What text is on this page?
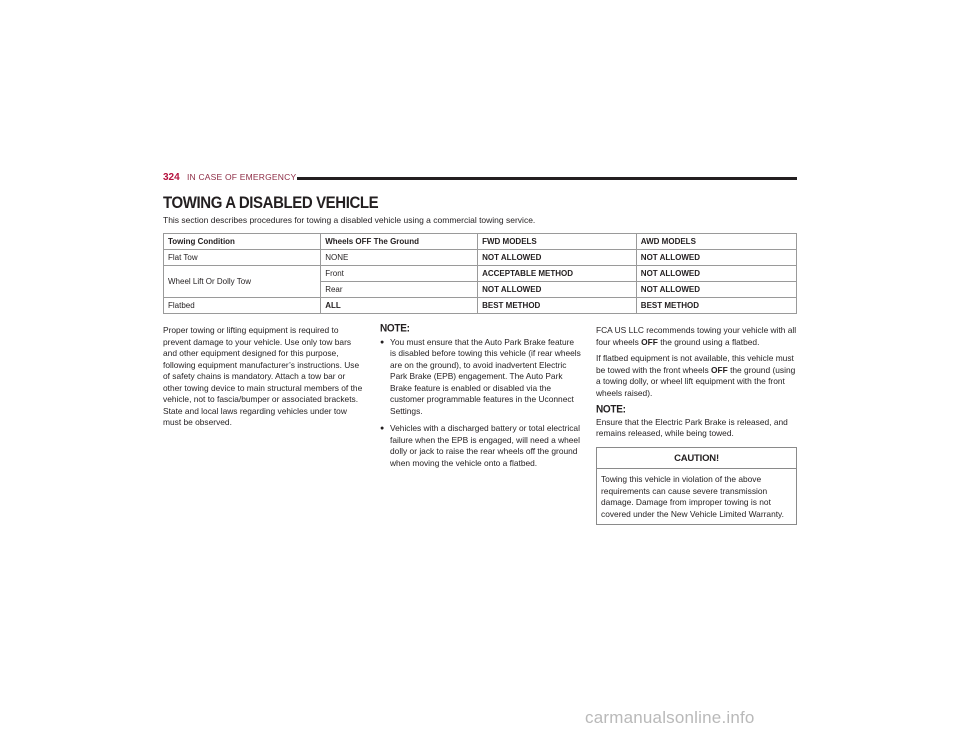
324 IN CASE OF EMERGENCY
TOWING A DISABLED VEHICLE
This section describes procedures for towing a disabled vehicle using a commercial towing service.
Towing Condition	Wheels OFF The Ground	FWD MODELS	AWD MODELS
Flat Tow	NONE	NOT ALLOWED	NOT ALLOWED
Wheel Lift Or Dolly Tow	Front	ACCEPTABLE METHOD	NOT ALLOWED
	Rear	NOT ALLOWED	NOT ALLOWED
Flatbed	ALL	BEST METHOD	BEST METHOD

Proper towing or lifting equipment is required to prevent damage to your vehicle. Use only tow bars and other equipment designed for this purpose, following equipment manufacturer’s instructions. Use of safety chains is mandatory. Attach a tow bar or other towing device to main structural members of the vehicle, not to fascia/bumper or associated brackets. State and local laws regarding vehicles under tow must be observed.

NOTE:
● You must ensure that the Auto Park Brake feature is disabled before towing this vehicle (if rear wheels are on the ground), to avoid inadvertent Electric Park Brake (EPB) engagement. The Auto Park Brake feature is enabled or disabled via the customer programmable features in the Uconnect Settings.
● Vehicles with a discharged battery or total electrical failure when the EPB is engaged, will need a wheel dolly or jack to raise the rear wheels off the ground when moving the vehicle onto a flatbed.

FCA US LLC recommends towing your vehicle with all four wheels OFF the ground using a flatbed.

If flatbed equipment is not available, this vehicle must be towed with the front wheels OFF the ground (using a towing dolly, or wheel lift equipment with the front wheels raised).

NOTE:
Ensure that the Electric Park Brake is released, and remains released, while being towed.
CAUTION!
Towing this vehicle in violation of the above requirements can cause severe transmission damage. Damage from improper towing is not covered under the New Vehicle Limited Warranty.
carmanualsonline.info
